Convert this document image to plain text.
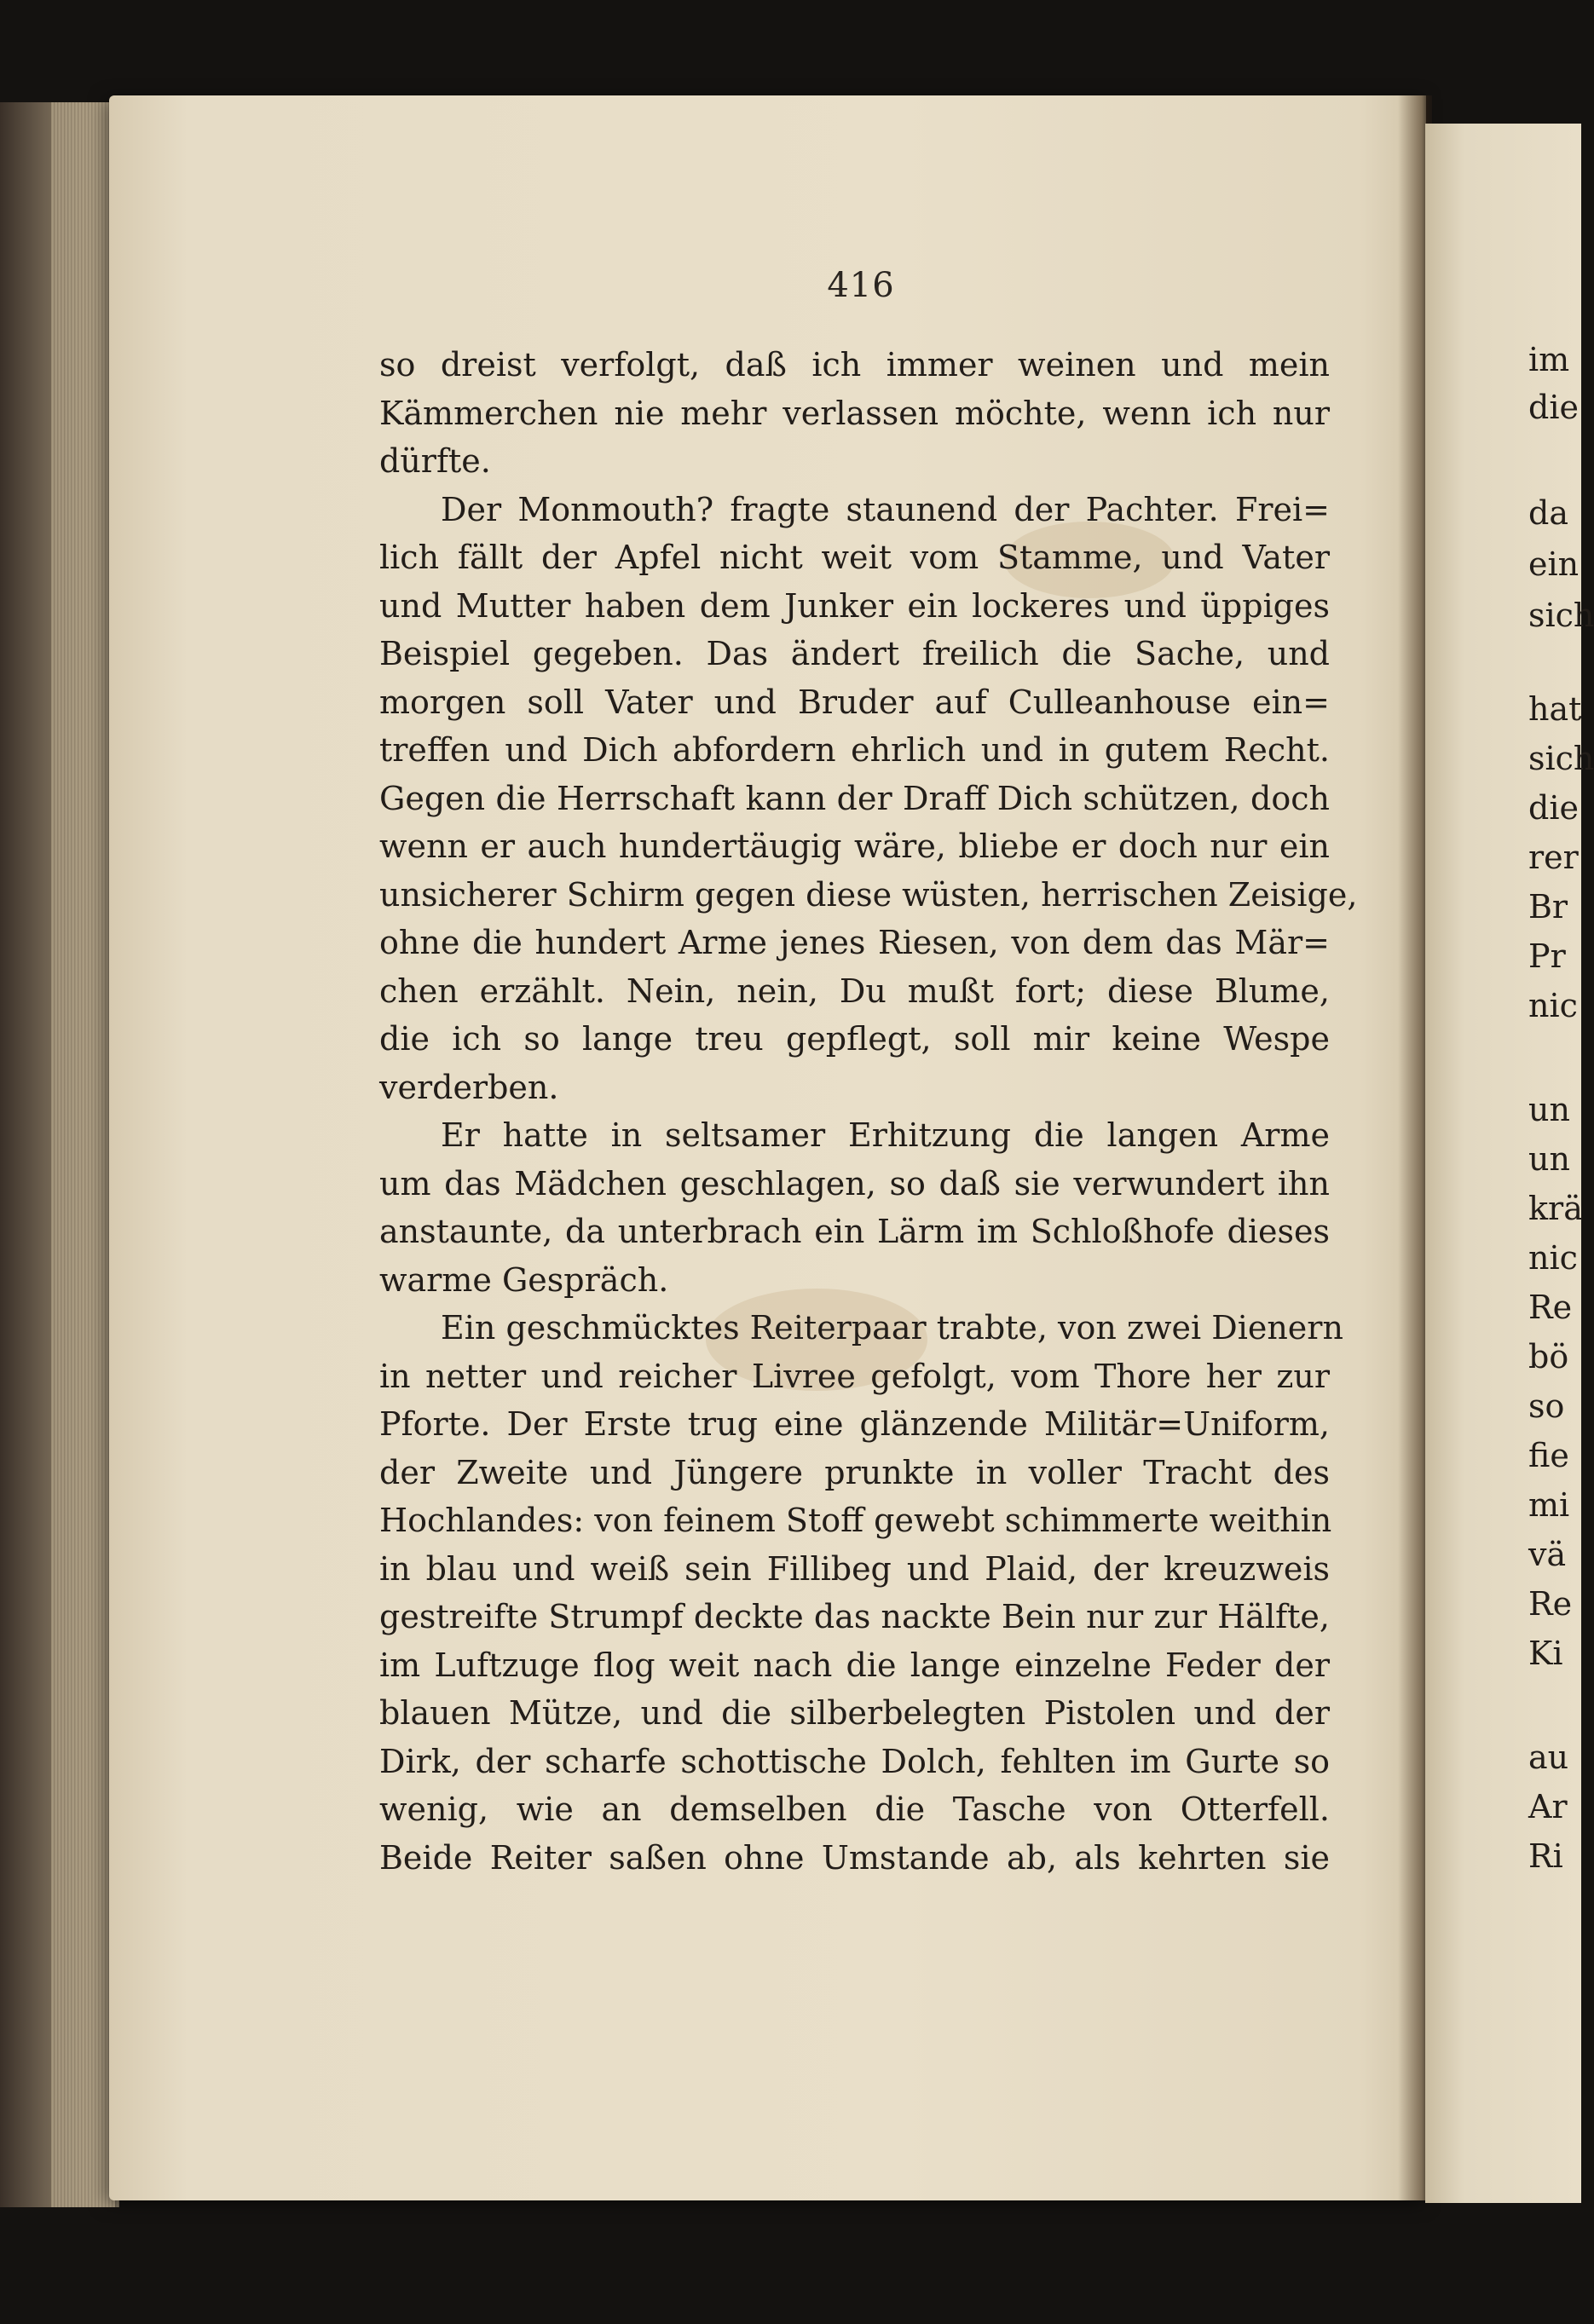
416
so dreist verfolgt, daß ich immer weinen und mein
Kämmerchen nie mehr verlassen möchte, wenn ich nur
dürfte.
Der Monmouth? fragte staunend der Pachter. Frei=
lich fällt der Apfel nicht weit vom Stamme, und Vater
und Mutter haben dem Junker ein lockeres und üppiges
Beispiel gegeben. Das ändert freilich die Sache, und
morgen soll Vater und Bruder auf Culleanhouse ein=
treffen und Dich abfordern ehrlich und in gutem Recht.
Gegen die Herrschaft kann der Draff Dich schützen, doch
wenn er auch hundertäugig wäre, bliebe er doch nur ein
unsicherer Schirm gegen diese wüsten, herrischen Zeisige,
ohne die hundert Arme jenes Riesen, von dem das Mär=
chen erzählt. Nein, nein, Du mußt fort; diese Blume,
die ich so lange treu gepflegt, soll mir keine Wespe
verderben.
Er hatte in seltsamer Erhitzung die langen Arme
um das Mädchen geschlagen, so daß sie verwundert ihn
anstaunte, da unterbrach ein Lärm im Schloßhofe dieses
warme Gespräch.
Ein geschmücktes Reiterpaar trabte, von zwei Dienern
in netter und reicher Livree gefolgt, vom Thore her zur
Pforte. Der Erste trug eine glänzende Militär=Uniform,
der Zweite und Jüngere prunkte in voller Tracht des
Hochlandes: von feinem Stoff gewebt schimmerte weithin
in blau und weiß sein Fillibeg und Plaid, der kreuzweis
gestreifte Strumpf deckte das nackte Bein nur zur Hälfte,
im Luftzuge flog weit nach die lange einzelne Feder der
blauen Mütze, und die silberbelegten Pistolen und der
Dirk, der scharfe schottische Dolch, fehlten im Gurte so
wenig, wie an demselben die Tasche von Otterfell.
Beide Reiter saßen ohne Umstande ab, als kehrten sie
im
die
da
ein
sich
hat
sich
die
rer
Br
Pr
nic
un
un
krä
nic
Re
bö
so
fie
mi
vä
Re
Ki
au
Ar
Ri
